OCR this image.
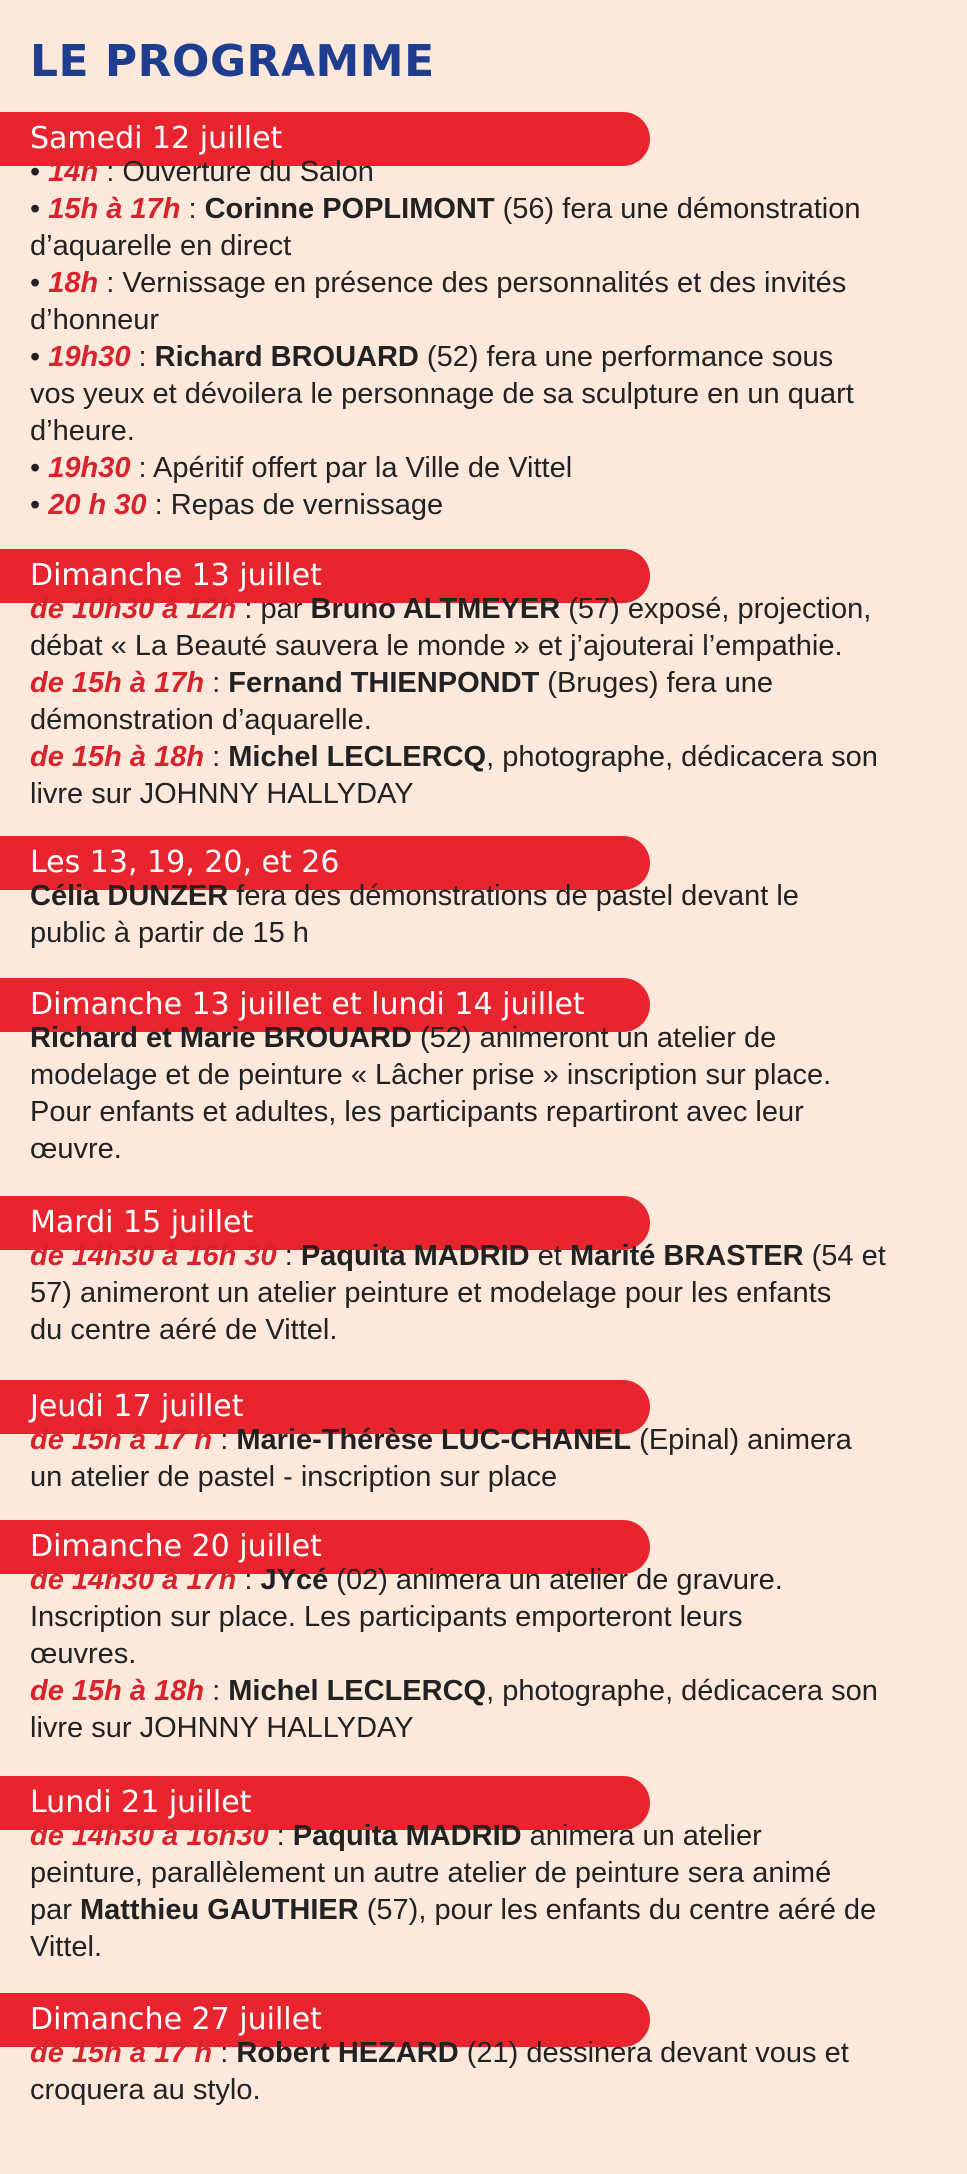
LE PROGRAMME
Samedi 12 juillet
• 14h : Ouverture du Salon
• 15h à 17h : Corinne POPLIMONT (56) fera une démonstration
d’aquarelle en direct
• 18h : Vernissage en présence des personnalités et des invités
d’honneur
• 19h30 : Richard BROUARD (52) fera une performance sous
vos yeux et dévoilera le personnage de sa sculpture en un quart
d’heure.
• 19h30 : Apéritif offert par la Ville de Vittel
• 20 h 30 : Repas de vernissage
Dimanche 13 juillet
de 10h30 à 12h : par Bruno ALTMEYER (57) exposé, projection,
débat « La Beauté sauvera le monde » et j’ajouterai l’empathie.
de 15h à 17h : Fernand THIENPONDT (Bruges) fera une
démonstration d’aquarelle.
de 15h à 18h : Michel LECLERCQ, photographe, dédicacera son
livre sur JOHNNY HALLYDAY
Les 13, 19, 20, et 26
Célia DUNZER fera des démonstrations de pastel devant le
public à partir de 15 h
Dimanche 13 juillet et lundi 14 juillet
Richard et Marie BROUARD (52) animeront un atelier de
modelage et de peinture « Lâcher prise » inscription sur place.
Pour enfants et adultes, les participants repartiront avec leur
œuvre.
Mardi 15 juillet
de 14h30 à 16h 30 : Paquita MADRID et Marité BRASTER (54 et
57) animeront un atelier peinture et modelage pour les enfants
du centre aéré de Vittel.
Jeudi 17 juillet
de 15h à 17 h : Marie-Thérèse LUC-CHANEL (Epinal) animera
un atelier de pastel - inscription sur place
Dimanche 20 juillet
de 14h30 à 17h : JYcé (02) animera un atelier de gravure.
Inscription sur place. Les participants emporteront leurs
œuvres.
de 15h à 18h : Michel LECLERCQ, photographe, dédicacera son
livre sur JOHNNY HALLYDAY
Lundi 21 juillet
de 14h30 à 16h30 : Paquita MADRID animera un atelier
peinture, parallèlement un autre atelier de peinture sera animé
par Matthieu GAUTHIER (57), pour les enfants du centre aéré de
Vittel.
Dimanche 27 juillet
de 15h à 17 h : Robert HEZARD (21) dessinera devant vous et
croquera au stylo.
